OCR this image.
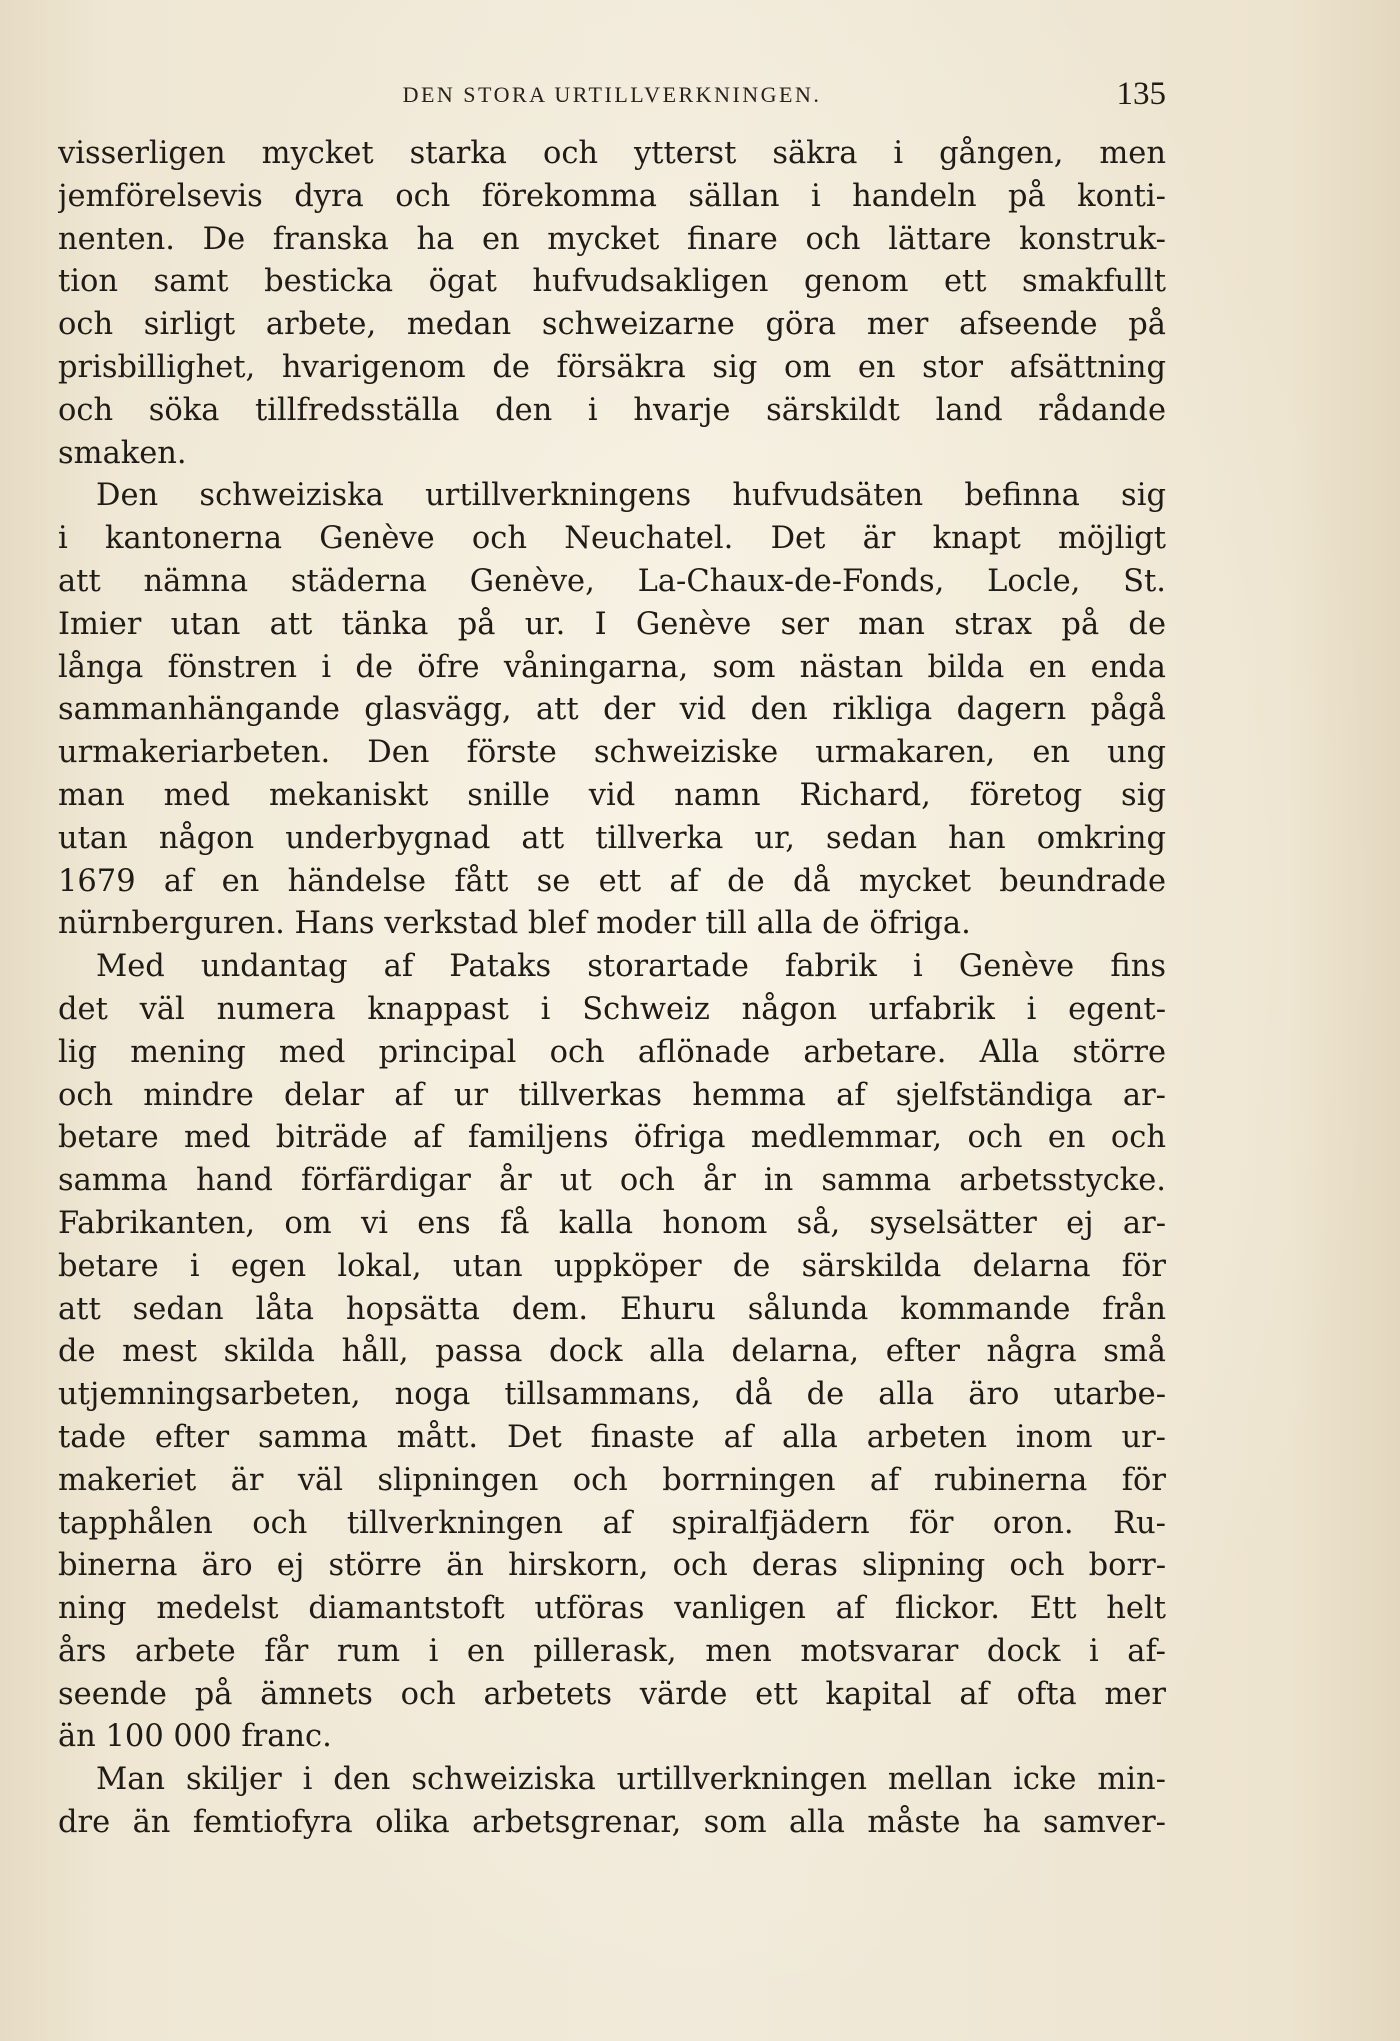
DEN STORA URTILLVERKNINGEN.	135
visserligen mycket starka och ytterst säkra i gången, men
jemförelsevis dyra och förekomma sällan i handeln på konti-
nenten. De franska ha en mycket finare och lättare konstruk-
tion samt besticka ögat hufvudsakligen genom ett smakfullt
och sirligt arbete, medan schweizarne göra mer afseende på
prisbillighet, hvarigenom de försäkra sig om en stor afsättning
och söka tillfredsställa den i hvarje särskildt land rådande
smaken.
Den schweiziska urtillverkningens hufvudsäten befinna sig
i kantonerna Genève och Neuchatel. Det är knapt möjligt
att nämna städerna Genève, La-Chaux-de-Fonds, Locle, St.
Imier utan att tänka på ur. I Genève ser man strax på de
långa fönstren i de öfre våningarna, som nästan bilda en enda
sammanhängande glasvägg, att der vid den rikliga dagern pågå
urmakeriarbeten. Den förste schweiziske urmakaren, en ung
man med mekaniskt snille vid namn Richard, företog sig
utan någon underbygnad att tillverka ur, sedan han omkring
1679 af en händelse fått se ett af de då mycket beundrade
nürnberguren. Hans verkstad blef moder till alla de öfriga.
Med undantag af Pataks storartade fabrik i Genève fins
det väl numera knappast i Schweiz någon urfabrik i egent-
lig mening med principal och aflönade arbetare. Alla större
och mindre delar af ur tillverkas hemma af sjelfständiga ar-
betare med biträde af familjens öfriga medlemmar, och en och
samma hand förfärdigar år ut och år in samma arbetsstycke.
Fabrikanten, om vi ens få kalla honom så, syselsätter ej ar-
betare i egen lokal, utan uppköper de särskilda delarna för
att sedan låta hopsätta dem. Ehuru sålunda kommande från
de mest skilda håll, passa dock alla delarna, efter några små
utjemningsarbeten, noga tillsammans, då de alla äro utarbe-
tade efter samma mått. Det finaste af alla arbeten inom ur-
makeriet är väl slipningen och borrningen af rubinerna för
tapphålen och tillverkningen af spiralfjädern för oron. Ru-
binerna äro ej större än hirskorn, och deras slipning och borr-
ning medelst diamantstoft utföras vanligen af flickor. Ett helt
års arbete får rum i en pillerask, men motsvarar dock i af-
seende på ämnets och arbetets värde ett kapital af ofta mer
än 100 000 franc.
Man skiljer i den schweiziska urtillverkningen mellan icke min-
dre än femtiofyra olika arbetsgrenar, som alla måste ha samver-
